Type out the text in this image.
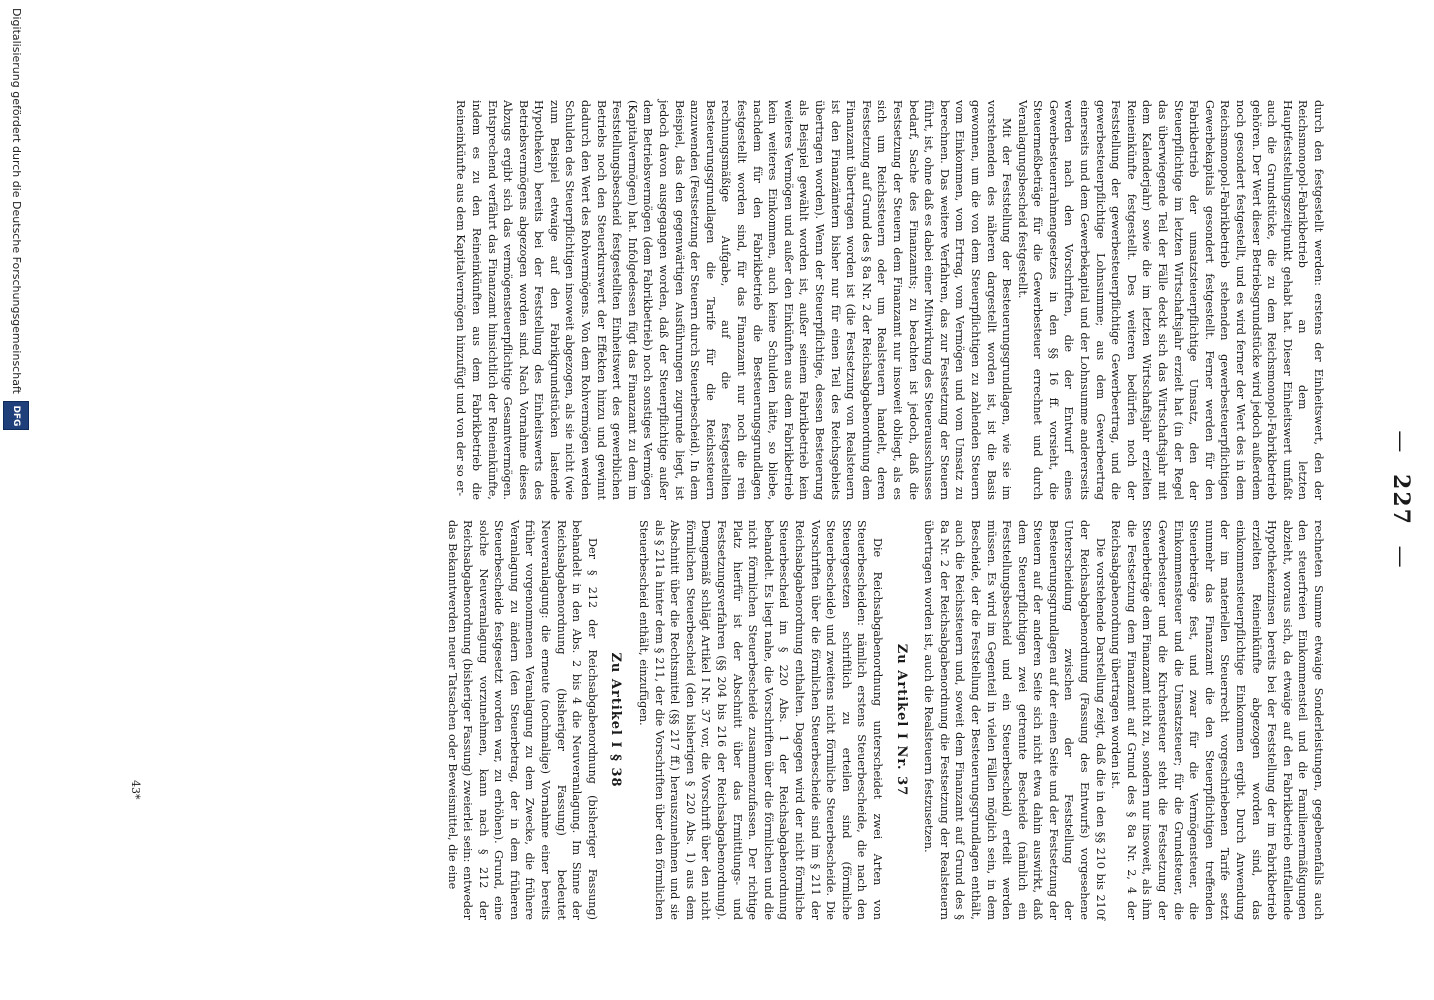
— 227 —

durch den festgestellt werden: erstens der Einheitswert, den der Reichsmonopol-Fabrikbetrieb an dem letzten Hauptfeststellungszeitpunkt gehabt hat. Dieser Einheitswert umfaßt auch die Grundstücke, die zu dem Reichsmonopol-Fabrikbetrieb gehören. Der Wert dieser Betriebsgrundstücke wird jedoch außerdem noch gesondert festgestellt, und es wird ferner der Wert des in dem Reichsmonopol-Fabrikbetrieb stehenden gewerbesteuerpflichtigen Gewerbekapitals gesondert festgestellt. Ferner werden für den Fabrikbetrieb der umsatzsteuerpflichtige Umsatz, den der Steuerpflichtige im letzten Wirtschaftsjahr erzielt hat (in der Regel das überwiegende Teil der Fälle deckt sich das Wirtschaftsjahr mit dem Kalenderjahr) sowie die im letzten Wirtschaftsjahr erzielten Reineinkünfte festgestellt. Des weiteren bedürfen noch der Feststellung der gewerbesteuerpflichtige Gewerbeertrag, und die gewerbesteuerpflichtige Lohnsumme; aus dem Gewerbeertrag einerseits und dem Gewerbekapital und der Lohnsumme andererseits werden nach den Vorschriften, die der Entwurf eines Gewerbesteuerrahmengesetzes in den §§ 16 ff. vorsieht, die Steuermeßbeträge für die Gewerbesteuer errechnet und durch Veranlagungsbescheid festgestellt.

Mit der Feststellung der Besteuerungsgrundlagen, wie sie im vorstehenden des näheren dargestellt worden ist, ist die Basis gewonnen, um die von dem Steuerpflichtigen zu zahlenden Steuern vom Einkommen, vom Ertrag, vom Vermögen und vom Umsatz zu berechnen. Das weitere Verfahren, das zur Festsetzung der Steuern führt, ist, ohne daß es dabei einer Mitwirkung des Steuerausschusses bedarf, Sache des Finanzamts; zu beachten ist jedoch, daß die Festsetzung der Steuern dem Finanzamt nur insoweit obliegt, als es sich um Reichssteuern oder um Realsteuern handelt, deren Festsetzung auf Grund des § 8a Nr. 2 der Reichsabgabenordnung dem Finanzamt übertragen worden ist (die Festsetzung von Realsteuern ist den Finanzämtern bisher nur für einen Teil des Reichsgebiets übertragen worden). Wenn der Steuerpflichtige, dessen Besteuerung als Beispiel gewählt worden ist, außer seinem Fabrikbetrieb kein weiteres Vermögen und außer den Einkünften aus dem Fabrikbetrieb kein weiteres Einkommen, auch keine Schulden hätte, so bliebe, nachdem für den Fabrikbetrieb die Besteuerungsgrundlagen festgestellt worden sind, für das Finanzamt nur noch die rein rechnungsmäßige Aufgabe, auf die festgestellten Besteuerungsgrundlagen die Tarife für die Reichssteuern anzuwenden (Festsetzung der Steuern durch Steuerbescheid). In dem Beispiel, das den gegenwärtigen Ausführungen zugrunde liegt, ist jedoch davon ausgegangen worden, daß der Steuerpflichtige außer dem Betriebsvermögen (dem Fabrikbetrieb) noch sonstiges Vermögen (Kapitalvermögen) hat. Infolgedessen fügt das Finanzamt zu dem im Feststellungsbescheid festgestellten Einheitswert des gewerblichen Betriebs noch den Steuerkurswert der Effekten hinzu und gewinnt dadurch den Wert des Rohvermögens. Von dem Rohvermögen werden Schulden des Steuerpflichtigen insoweit abgezogen, als sie nicht (wie zum Beispiel etwaige auf den Fabrikgrundstücken lastende Hypotheken) bereits bei der Feststellung des Einheitswerts des Betriebsvermögens abgezogen worden sind. Nach Vornahme dieses Abzugs ergibt sich das vermögensteuerpflichtige Gesamtvermögen. Entsprechend verfährt das Finanzamt hinsichtlich der Reineinkünfte, indem es zu den Reineinkünften aus dem Fabrikbetrieb die Reineinkünfte aus dem Kapitalvermögen hinzufügt und von der so er-

rechneten Summe etwaige Sonderleistungen, gegebenenfalls auch den steuerfreien Einkommensteil und die Familienermäßigungen abzieht, woraus sich, da etwaige auf den Fabrikbetrieb entfallende Hypothekenzinsen bereits bei der Feststellung der im Fabrikbetrieb erzielten Reineinkünfte abgezogen worden sind, das einkommensteuerpflichtige Einkommen ergibt. Durch Anwendung der im materiellen Steuerrecht vorgeschriebenen Tarife setzt nunmehr das Finanzamt die den Steuerpflichtigen treffenden Steuerbeträge fest, und zwar für die Vermögensteuer, die Einkommensteuer und die Umsatzsteuer; für die Grundsteuer, die Gewerbesteuer und die Kirchensteuer steht die Festsetzung der Steuerbeträge dem Finanzamt nicht zu, sondern nur insoweit, als ihm die Festsetzung dem Finanzamt auf Grund des § 8a Nr. 2, 4 der Reichsabgabenordnung übertragen worden ist.

Die vorstehende Darstellung zeigt, daß die in den §§ 210 bis 210f der Reichsabgabenordnung (Fassung des Entwurfs) vorgesehene Unterscheidung zwischen der Feststellung der Besteuerungsgrundlagen auf der einen Seite und der Festsetzung der Steuern auf der anderen Seite sich nicht etwa dahin auswirkt, daß dem Steuerpflichtigen zwei getrennte Bescheide (nämlich ein Feststellungsbescheid und ein Steuerbescheid) erteilt werden müssen. Es wird im Gegenteil in vielen Fällen möglich sein, in dem Bescheide, der die Feststellung der Besteuerungsgrundlagen enthält, auch die Reichssteuern und, soweit dem Finanzamt auf Grund des § 8a Nr. 2 der Reichsabgabenordnung die Festsetzung der Realsteuern übertragen worden ist, auch die Realsteuern festzusetzen.

Zu Artikel I Nr. 37

Die Reichsabgabenordnung unterscheidet zwei Arten von Steuerbescheiden: nämlich erstens Steuerbescheide, die nach den Steuergesetzen schriftlich zu erteilen sind (förmliche Steuerbescheide) und zweitens nicht förmliche Steuerbescheide. Die Vorschriften über die förmlichen Steuerbescheide sind im § 211 der Reichsabgabenordnung enthalten. Dagegen wird der nicht förmliche Steuerbescheid im § 220 Abs. 1 der Reichsabgabenordnung behandelt. Es liegt nahe, die Vorschriften über die förmlichen und die nicht förmlichen Steuerbescheide zusammenzufassen. Der richtige Platz hierfür ist der Abschnitt über das Ermittlungs- und Festsetzungsverfahren (§§ 204 bis 216 der Reichsabgabenordnung). Demgemäß schlägt Artikel I Nr. 37 vor, die Vorschrift über den nicht förmlichen Steuerbescheid (den bisherigen § 220 Abs. 1) aus dem Abschnitt über die Rechtsmittel (§§ 217 ff.) herauszunehmen und sie als § 211a hinter dem § 211, der die Vorschriften über den förmlichen Steuerbescheid enthält, einzufügen.

Zu Artikel I § 38

Der § 212 der Reichsabgabenordnung (bisheriger Fassung) behandelt in den Abs. 2 bis 4 die Neuveranlagung. Im Sinne der Reichsabgabenordnung (bisheriger Fassung) bedeutet Neuveranlagung: die erneute (nochmalige) Vornahme einer bereits früher vorgenommenen Veranlagung zu dem Zwecke, die frühere Veranlagung zu ändern (den Steuerbetrag, der in dem früheren Steuerbescheide festgesetzt worden war, zu erhöhen). Grund, eine solche Neuveranlagung vorzunehmen, kann nach § 212 der Reichsabgabenordnung (bisheriger Fassung) zweierlei sein: entweder das Bekanntwerden neuer Tatsachen oder Beweismittel, die eine

43*
Digitalisierung gefördert durch die Deutsche Forschungsgemeinschaft DFG
